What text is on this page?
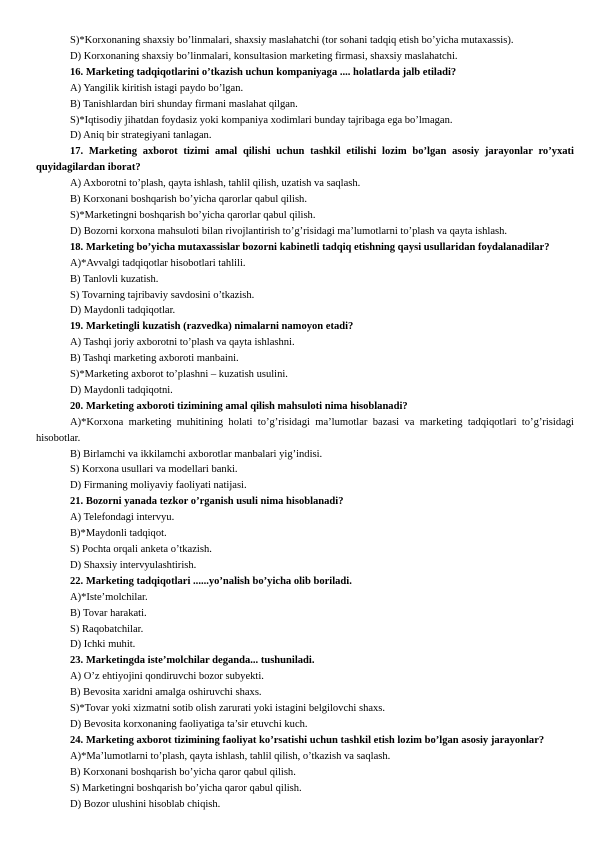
S)*Korxonaning shaxsiy bo’linmalari, shaxsiy maslahatchi (tor sohani tadqiq etish bo’yicha mutaxassis).

D) Korxonaning shaxsiy bo’linmalari, konsultasion marketing firmasi, shaxsiy maslahatchi.

16. Marketing tadqiqotlarini o’tkazish uchun kompaniyaga .... holatlarda jalb etiladi?

A) Yangilik kiritish istagi paydo bo’lgan.

B) Tanishlardan biri shunday firmani maslahat qilgan.

S)*Iqtisodiy jihatdan foydasiz yoki kompaniya xodimlari bunday tajribaga ega bo’lmagan.

D) Aniq bir strategiyani tanlagan.

17. Marketing axborot tizimi amal qilishi uchun tashkil etilishi lozim bo’lgan asosiy jarayonlar ro’yxati quyidagilardan iborat?

A) Axborotni to’plash, qayta ishlash, tahlil qilish, uzatish va saqlash.

B) Korxonani boshqarish bo’yicha qarorlar qabul qilish.

S)*Marketingni boshqarish bo’yicha qarorlar qabul qilish.

D) Bozorni korxona mahsuloti bilan rivojlantirish to’g’risidagi ma’lumotlarni to’plash va qayta ishlash.

18. Marketing bo’yicha mutaxassislar bozorni kabinetli tadqiq etishning qaysi usullaridan foydalanadilar?

A)*Avvalgi tadqiqotlar hisobotlari tahlili.

B) Tanlovli kuzatish.

S) Tovarning tajribaviy savdosini o’tkazish.

D) Maydonli tadqiqotlar.

19. Marketingli kuzatish (razvedka) nimalarni namoyon etadi?

A) Tashqi joriy axborotni to’plash va qayta ishlashni.

B) Tashqi marketing axboroti manbaini.

S)*Marketing axborot to’plashni – kuzatish usulini.

D) Maydonli tadqiqotni.

20. Marketing axboroti tizimining amal qilish mahsuloti nima hisoblanadi?

A)*Korxona marketing muhitining holati to’g’risidagi ma’lumotlar bazasi va marketing tadqiqotlari to’g’risidagi hisobotlar.

B) Birlamchi va ikkilamchi axborotlar manbalari yig’indisi.

S) Korxona usullari va modellari banki.

D) Firmaning moliyaviy faoliyati natijasi.

21. Bozorni yanada tezkor o’rganish usuli nima hisoblanadi?

A) Telefondagi intervyu.

B)*Maydonli tadqiqot.

S) Pochta orqali anketa o’tkazish.

D) Shaxsiy intervyulashtirish.

22. Marketing tadqiqotlari ......yo’nalish bo’yicha olib boriladi.

A)*Iste’molchilar.

B) Tovar harakati.

S) Raqobatchilar.

D) Ichki muhit.

23. Marketingda iste’molchilar deganda... tushuniladi.

A) O’z ehtiyojini qondiruvchi bozor subyekti.

B) Bevosita xaridni amalga oshiruvchi shaxs.

S)*Tovar yoki xizmatni sotib olish zarurati yoki istagini belgilovchi shaxs.

D) Bevosita korxonaning faoliyatiga ta’sir etuvchi kuch.

24. Marketing axborot tizimining faoliyat ko’rsatishi uchun tashkil etish lozim bo’lgan asosiy jarayonlar?

A)*Ma’lumotlarni to’plash, qayta ishlash, tahlil qilish, o’tkazish va saqlash.

B) Korxonani boshqarish bo’yicha qaror qabul qilish.

S) Marketingni boshqarish bo’yicha qaror qabul qilish.

D) Bozor ulushini hisoblab chiqish.
